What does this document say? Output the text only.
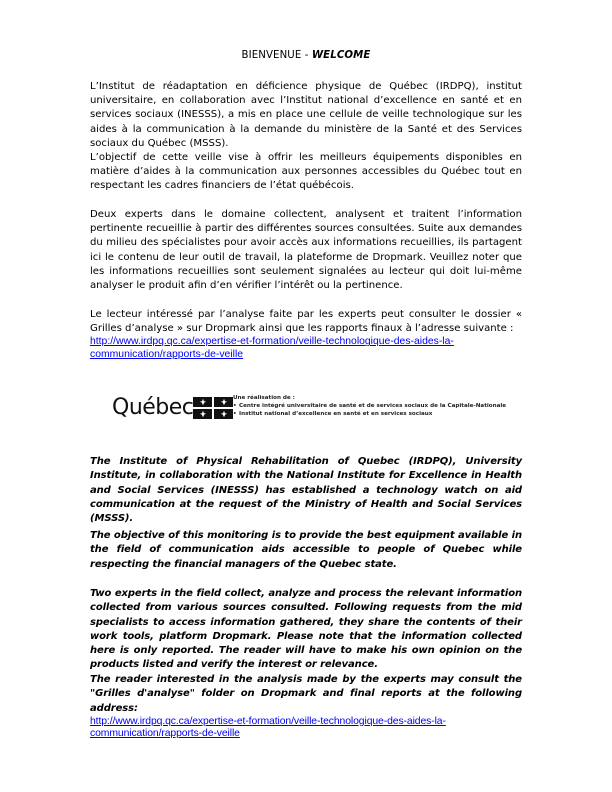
BIENVENUE - WELCOME

L’Institut de réadaptation en déficience physique de Québec (IRDPQ), institut universitaire, en collaboration avec l’Institut national d’excellence en santé et en services sociaux (INESSS), a mis en place une cellule de veille technologique sur les aides à la communication à la demande du ministère de la Santé et des Services sociaux du Québec (MSSS).

L’objectif de cette veille vise à offrir les meilleurs équipements disponibles en matière d’aides à la communication aux personnes accessibles du Québec tout en respectant les cadres financiers de l’état québécois.

Deux experts dans le domaine collectent, analysent et traitent l’information pertinente recueillie à partir des différentes sources consultées. Suite aux demandes du milieu des spécialistes pour avoir accès aux informations recueillies, ils partagent ici le contenu de leur outil de travail, la plateforme de Dropmark. Veuillez noter que les informations recueillies sont seulement signalées au lecteur qui doit lui-même analyser le produit afin d’en vérifier l’intérêt ou la pertinence.

Le lecteur intéressé par l’analyse faite par les experts peut consulter le dossier « Grilles d’analyse » sur Dropmark ainsi que les rapports finaux à l’adresse suivante :
http://www.irdpq.qc.ca/expertise-et-formation/veille-technologique-des-aides-la-
communication/rapports-de-veille
Québec	Une réalisation de :
• Centre intégré universitaire de santé et de services sociaux de la Capitale-Nationale
• Institut national d’excellence en santé et en services sociaux

The Institute of Physical Rehabilitation of Quebec (IRDPQ), University Institute, in collaboration with the National Institute for Excellence in Health and Social Services (INESSS) has established a technology watch on aid communication at the request of the Ministry of Health and Social Services (MSSS).

The objective of this monitoring is to provide the best equipment available in the field of communication aids accessible to people of Quebec while respecting the financial managers of the Quebec state.

Two experts in the field collect, analyze and process the relevant information collected from various sources consulted. Following requests from the mid specialists to access information gathered, they share the contents of their work tools, platform Dropmark. Please note that the information collected here is only reported. The reader will have to make his own opinion on the products listed and verify the interest or relevance.

The reader interested in the analysis made by the experts may consult the "Grilles d'analyse" folder on Dropmark and final reports at the following address:
http://www.irdpq.qc.ca/expertise-et-formation/veille-technologique-des-aides-la-
communication/rapports-de-veille
